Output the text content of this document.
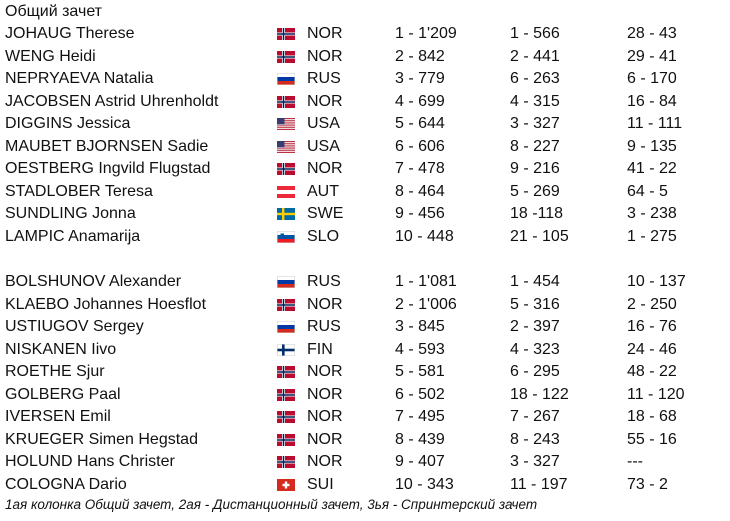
Общий зачет
JOHAUG Therese	NOR	1 - 1'209	1 - 566	28 - 43
WENG Heidi	NOR	2 - 842	2 - 441	29 - 41
NEPRYAEVA Natalia	RUS	3 - 779	6 - 263	6 - 170
JACOBSEN Astrid Uhrenholdt	NOR	4 - 699	4 - 315	16 - 84
DIGGINS Jessica	USA	5 - 644	3 - 327	11 - 111
MAUBET BJORNSEN Sadie	USA	6 - 606	8 - 227	9 - 135
OESTBERG Ingvild Flugstad	NOR	7 - 478	9 - 216	41 - 22
STADLOBER Teresa	AUT	8 - 464	5 - 269	64 - 5
SUNDLING Jonna	SWE	9 - 456	18 -118	3 - 238
LAMPIC Anamarija	SLO	10 - 448	21 - 105	1 - 275
BOLSHUNOV Alexander	RUS	1 - 1'081	1 - 454	10 - 137
KLAEBO Johannes Hoesflot	NOR	2 - 1'006	5 - 316	2 - 250
USTIUGOV Sergey	RUS	3 - 845	2 - 397	16 - 76
NISKANEN Iivo	FIN	4 - 593	4 - 323	24 - 46
ROETHE Sjur	NOR	5 - 581	6 - 295	48 - 22
GOLBERG Paal	NOR	6 - 502	18 - 122	11 - 120
IVERSEN Emil	NOR	7 - 495	7 - 267	18 - 68
KRUEGER Simen Hegstad	NOR	8 - 439	8 - 243	55 - 16
HOLUND Hans Christer	NOR	9 - 407	3 - 327	---
COLOGNA Dario	SUI	10 - 343	11 - 197	73 - 2
1ая колонка Общий зачет, 2ая - Дистанционный зачет, 3ья - Спринтерский зачет
